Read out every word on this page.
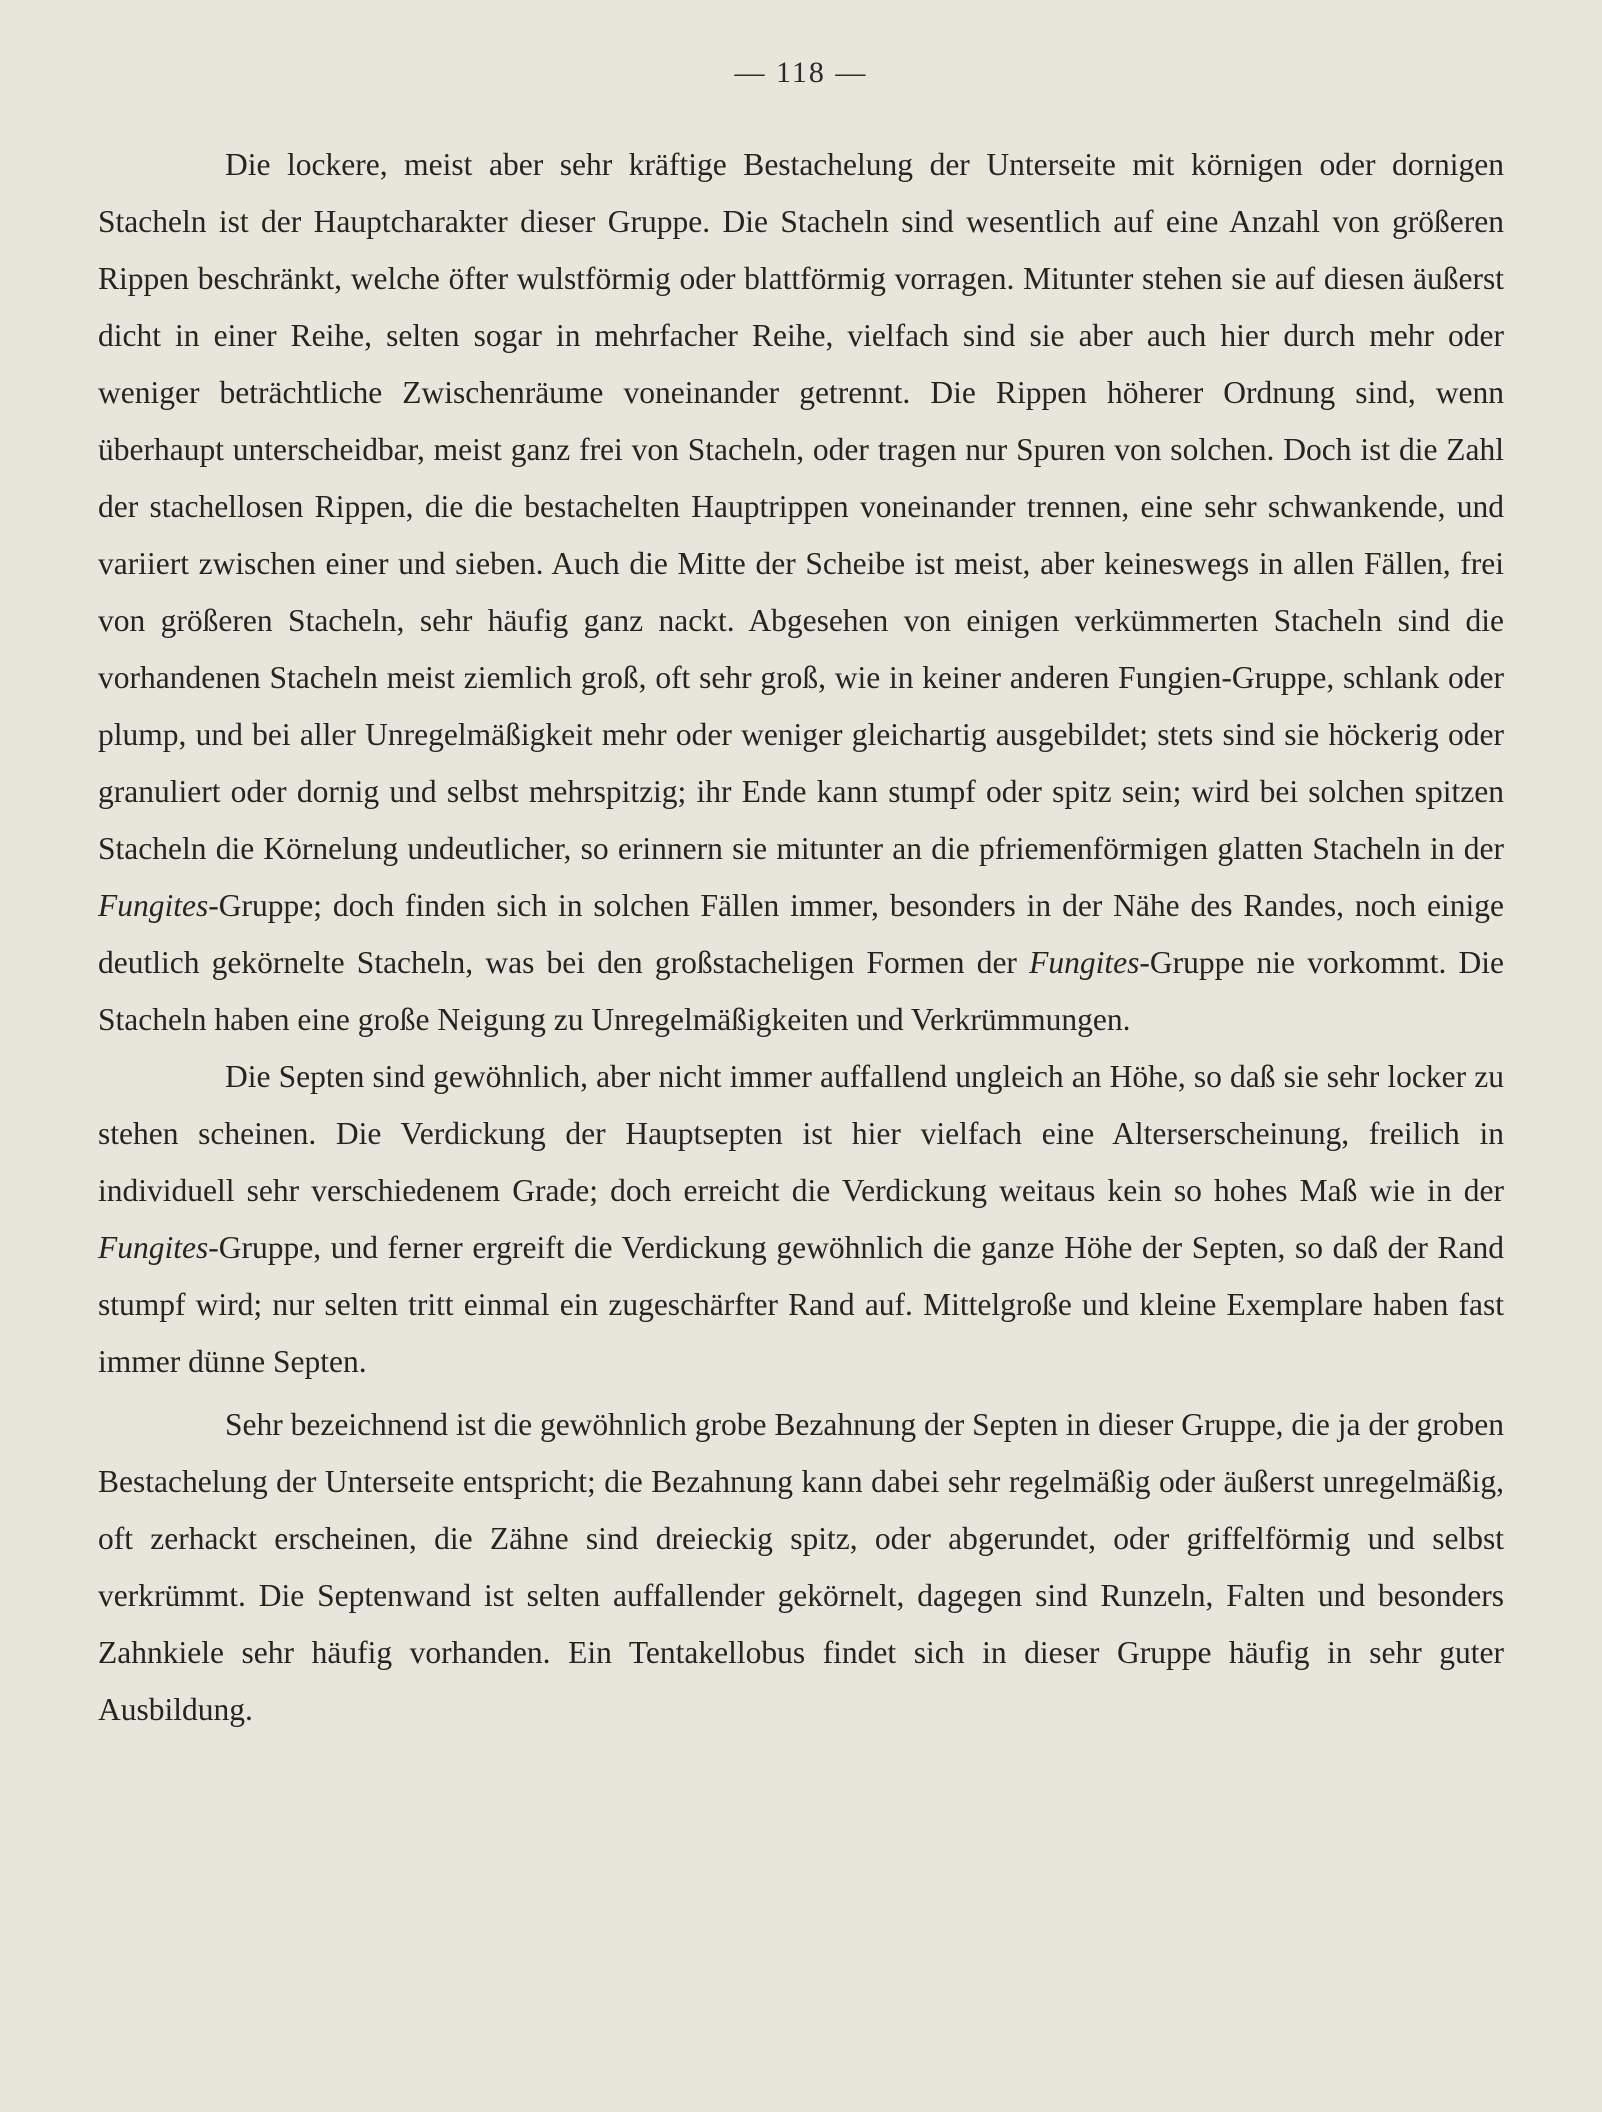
— 118 —

Die lockere, meist aber sehr kräftige Bestachelung der Unterseite mit körnigen oder dornigen Stacheln ist der Hauptcharakter dieser Gruppe. Die Stacheln sind wesentlich auf eine Anzahl von größeren Rippen beschränkt, welche öfter wulstförmig oder blattförmig vorragen. Mitunter stehen sie auf diesen äußerst dicht in einer Reihe, selten sogar in mehrfacher Reihe, vielfach sind sie aber auch hier durch mehr oder weniger beträchtliche Zwischenräume voneinander getrennt. Die Rippen höherer Ordnung sind, wenn überhaupt unterscheidbar, meist ganz frei von Stacheln, oder tragen nur Spuren von solchen. Doch ist die Zahl der stachellosen Rippen, die die bestachelten Hauptrippen voneinander trennen, eine sehr schwankende, und variiert zwischen einer und sieben. Auch die Mitte der Scheibe ist meist, aber keineswegs in allen Fällen, frei von größeren Stacheln, sehr häufig ganz nackt. Abgesehen von einigen verkümmerten Stacheln sind die vorhandenen Stacheln meist ziemlich groß, oft sehr groß, wie in keiner anderen Fungien-Gruppe, schlank oder plump, und bei aller Unregelmäßigkeit mehr oder weniger gleichartig ausgebildet; stets sind sie höckerig oder granuliert oder dornig und selbst mehrspitzig; ihr Ende kann stumpf oder spitz sein; wird bei solchen spitzen Stacheln die Körnelung undeutlicher, so erinnern sie mitunter an die pfriemenförmigen glatten Stacheln in der Fungites-Gruppe; doch finden sich in solchen Fällen immer, besonders in der Nähe des Randes, noch einige deutlich gekörnelte Stacheln, was bei den großstacheligen Formen der Fungites-Gruppe nie vorkommt. Die Stacheln haben eine große Neigung zu Unregelmäßigkeiten und Verkrümmungen.

Die Septen sind gewöhnlich, aber nicht immer auffallend ungleich an Höhe, so daß sie sehr locker zu stehen scheinen. Die Verdickung der Hauptsepten ist hier vielfach eine Alterserscheinung, freilich in individuell sehr verschiedenem Grade; doch erreicht die Verdickung weitaus kein so hohes Maß wie in der Fungites-Gruppe, und ferner ergreift die Verdickung gewöhnlich die ganze Höhe der Septen, so daß der Rand stumpf wird; nur selten tritt einmal ein zugeschärfter Rand auf. Mittelgroße und kleine Exemplare haben fast immer dünne Septen.

Sehr bezeichnend ist die gewöhnlich grobe Bezahnung der Septen in dieser Gruppe, die ja der groben Bestachelung der Unterseite entspricht; die Bezahnung kann dabei sehr regelmäßig oder äußerst unregelmäßig, oft zerhackt erscheinen, die Zähne sind dreieckig spitz, oder abgerundet, oder griffelförmig und selbst verkrümmt. Die Septenwand ist selten auffallender gekörnelt, dagegen sind Runzeln, Falten und besonders Zahnkiele sehr häufig vorhanden. Ein Tentakellobus findet sich in dieser Gruppe häufig in sehr guter Ausbildung.
